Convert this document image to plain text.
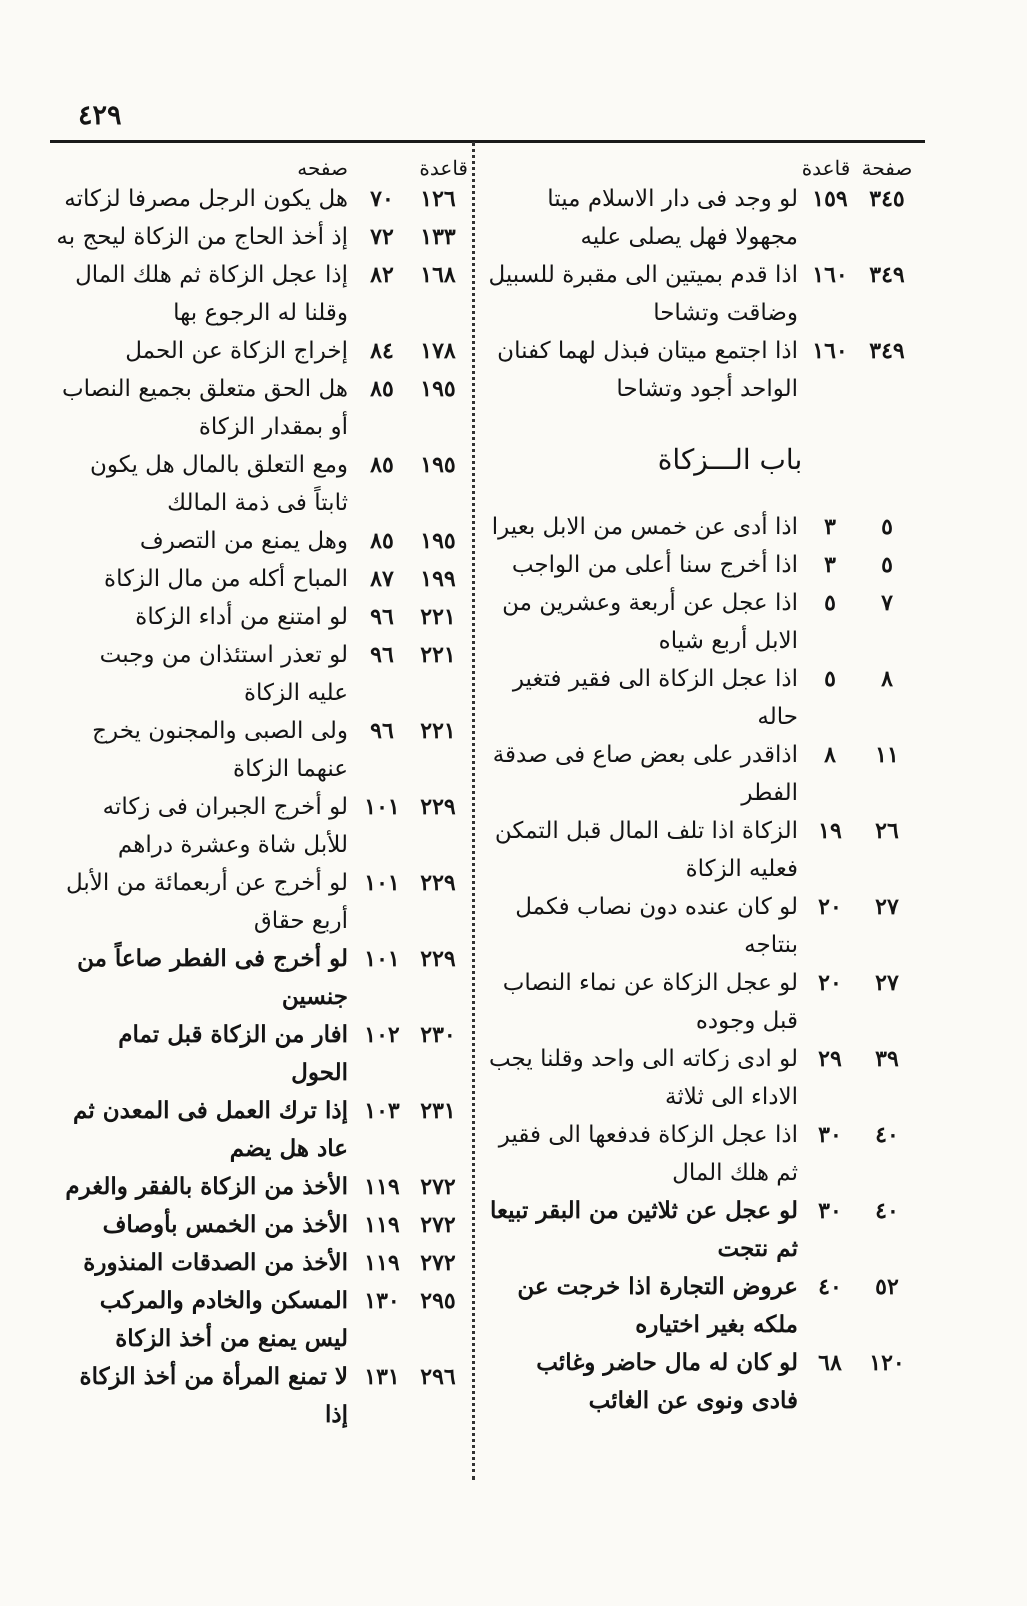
٤٢٩
صفحة
قاعدة
٣٤٥
١٥٩
لو وجد فى دار الاسلام ميتا مجهولا فهل يصلى عليه
٣٤٩
١٦٠
اذا قدم بميتين الى مقبرة للسبيل وضاقت وتشاحا
٣٤٩
١٦٠
اذا اجتمع ميتان فبذل لهما كفنان الواحد أجود وتشاحا
باب الـــزكاة
٥
٣
اذا أدى عن خمس من الابل بعيرا
٥
٣
اذا أخرج سنا أعلى من الواجب
٧
٥
اذا عجل عن أربعة وعشرين من الابل أربع شياه
٨
٥
اذا عجل الزكاة الى فقير فتغير حاله
١١
٨
اذاقدر على بعض صاع فى صدقة الفطر
٢٦
١٩
الزكاة اذا تلف المال قبل التمكن فعليه الزكاة
٢٧
٢٠
لو كان عنده دون نصاب فكمل بنتاجه
٢٧
٢٠
لو عجل الزكاة عن نماء النصاب قبل وجوده
٣٩
٢٩
لو ادى زكاته الى واحد وقلنا يجب الاداء الى ثلاثة
٤٠
٣٠
اذا عجل الزكاة فدفعها الى فقير ثم هلك المال
٤٠
٣٠
لو عجل عن ثلاثين من البقر تبيعا ثم نتجت
٥٢
٤٠
عروض التجارة اذا خرجت عن ملكه بغير اختياره
١٢٠
٦٨
لو كان له مال حاضر وغائب فادى ونوى عن الغائب
قاعدة
صفحه
١٢٦
٧٠
هل يكون الرجل مصرفا لزكاته
١٣٣
٧٢
إذ أخذ الحاج من الزكاة ليحج به
١٦٨
٨٢
إذا عجل الزكاة ثم هلك المال وقلنا له الرجوع بها
١٧٨
٨٤
إخراج الزكاة عن الحمل
١٩٥
٨٥
هل الحق متعلق بجميع النصاب أو بمقدار الزكاة
١٩٥
٨٥
ومع التعلق بالمال هل يكون ثابتاً فى ذمة المالك
١٩٥
٨٥
وهل يمنع من التصرف
١٩٩
٨٧
المباح أكله من مال الزكاة
٢٢١
٩٦
لو امتنع من أداء الزكاة
٢٢١
٩٦
لو تعذر استئذان من وجبت عليه الزكاة
٢٢١
٩٦
ولى الصبى والمجنون يخرج عنهما الزكاة
٢٢٩
١٠١
لو أخرج الجبران فى زكاته للأبل شاة وعشرة دراهم
٢٢٩
١٠١
لو أخرج عن أربعمائة من الأبل أربع حقاق
٢٢٩
١٠١
لو أخرج فى الفطر صاعاً من جنسين
٢٣٠
١٠٢
افار من الزكاة قبل تمام الحول
٢٣١
١٠٣
إذا ترك العمل فى المعدن ثم عاد هل يضم
٢٧٢
١١٩
الأخذ من الزكاة بالفقر والغرم
٢٧٢
١١٩
الأخذ من الخمس بأوصاف
٢٧٢
١١٩
الأخذ من الصدقات المنذورة
٢٩٥
١٣٠
المسكن والخادم والمركب ليس يمنع من أخذ الزكاة
٢٩٦
١٣١
لا تمنع المرأة من أخذ الزكاة إذا
